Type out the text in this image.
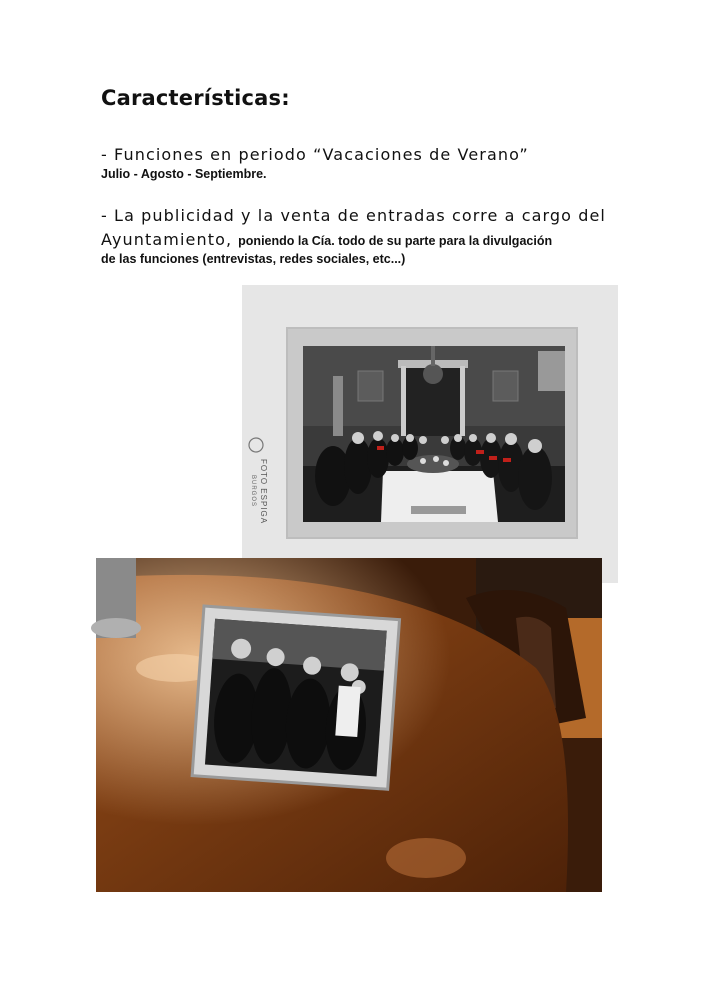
Características:
- Funciones en periodo “Vacaciones de Verano”
Julio - Agosto - Septiembre.
- La publicidad y la venta de entradas corre a cargo del
Ayuntamiento, poniendo la Cía. todo de su parte para la divulgación
de las funciones (entrevistas, redes sociales, etc...)
FOTO ESPIGA
BURGOS
